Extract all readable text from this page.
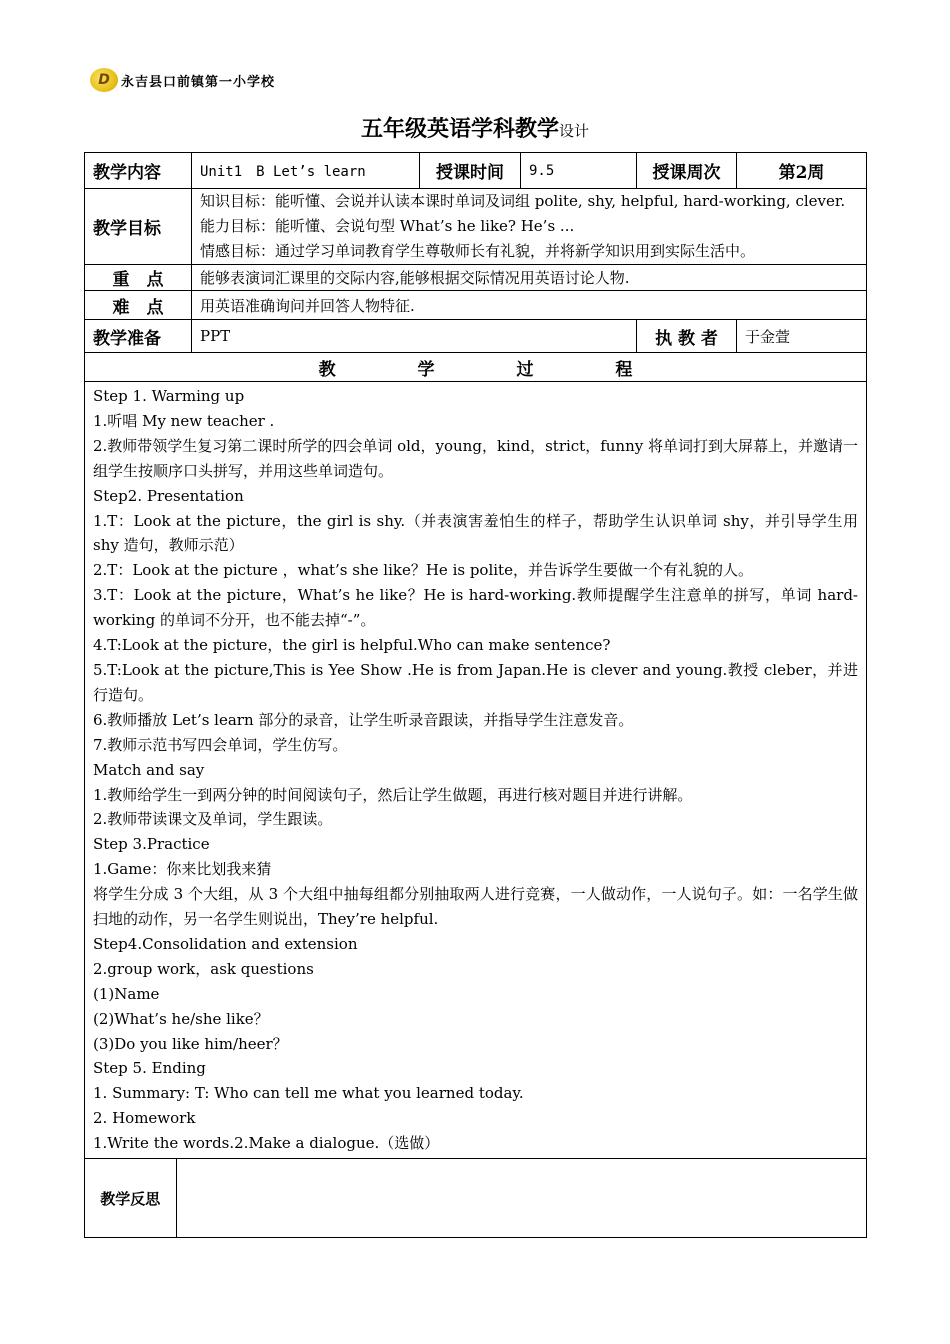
D 永吉县口前镇第一小学校
五年级英语学科教学设计
教学内容	Unit1　B Let’s learn	授课时间	9.5	授课周次	第2周
教学目标	
知识目标：能听懂、会说并认读本课时单词及词组 polite, shy, helpful, hard-working, clever.
能力目标：能听懂、会说句型 What’s he like? He’s ...
情感目标：通过学习单词教育学生尊敬师长有礼貌，并将新学知识用到实际生活中。

重　点	能够表演词汇课里的交际内容,能够根据交际情况用英语讨论人物.
难　点	用英语准确询问并回答人物特征.
教学准备	PPT	执 教 者	于金萱
教	学	过	程

Step 1. Warming up

1.听唱 My new teacher .

2.教师带领学生复习第二课时所学的四会单词 old，young，kind，strict，funny 将单词打到大屏幕上，并邀请一组学生按顺序口头拼写，并用这些单词造句。

Step2. Presentation

1.T：Look at the picture，the girl is shy.（并表演害羞怕生的样子，帮助学生认识单词 shy，并引导学生用 shy 造句，教师示范）

2.T：Look at the picture ，what’s she like？He is polite，并告诉学生要做一个有礼貌的人。

3.T：Look at the picture，What’s he like？He is hard-working.教师提醒学生注意单的拼写，单词 hard-working 的单词不分开，也不能去掉“-”。

4.T:Look at the picture，the girl is helpful.Who can make sentence?

5.T:Look at the picture,This is Yee Show .He is from Japan.He is clever and young.教授 cleber，并进行造句。

6.教师播放 Let’s learn 部分的录音，让学生听录音跟读，并指导学生注意发音。

7.教师示范书写四会单词，学生仿写。

Match and say

1.教师给学生一到两分钟的时间阅读句子，然后让学生做题，再进行核对题目并进行讲解。

2.教师带读课文及单词，学生跟读。

Step 3.Practice

1.Game：你来比划我来猜

将学生分成 3 个大组，从 3 个大组中抽每组都分别抽取两人进行竞赛，一人做动作，一人说句子。如：一名学生做扫地的动作，另一名学生则说出，They’re helpful.

Step4.Consolidation and extension

2.group work，ask questions

(1)Name

(2)What’s he/she like？

(3)Do you like him/heer？

Step 5. Ending

1. Summary: T: Who can tell me what you learned today.

2. Homework

1.Write the words.2.Make a dialogue.（选做）

教学反思	
